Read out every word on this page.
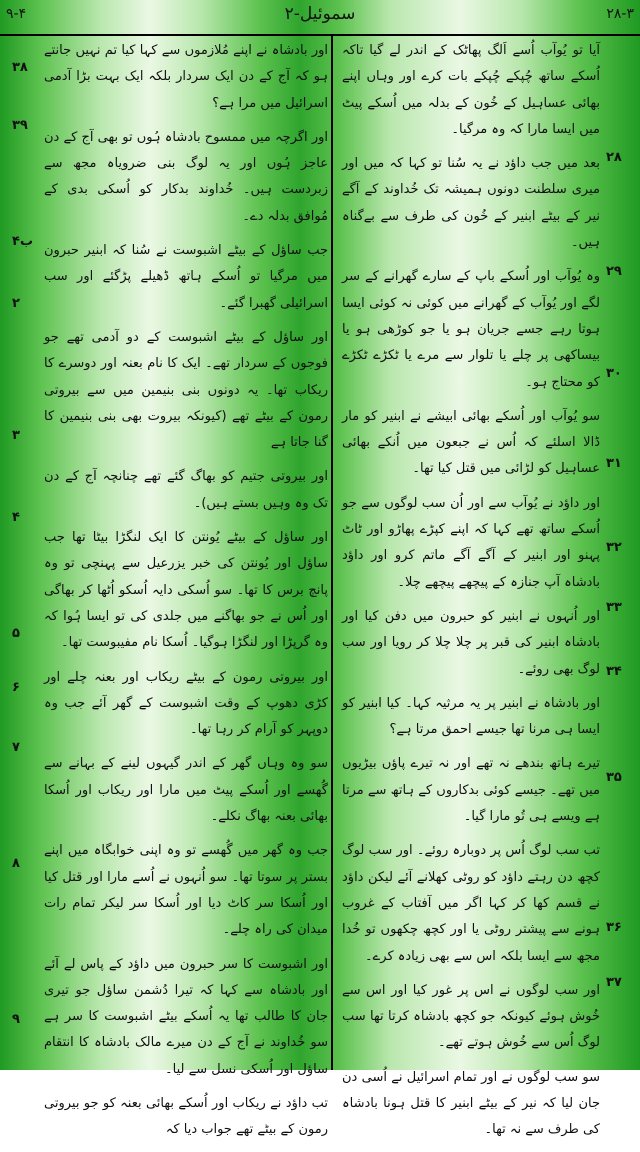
۹-۴	۲-سموئیل	۲۸-۳

آیا تو یُوآب اُسے اَلگ پھاٹک کے اندر لے گیا تاکہ اُسکے ساتھ چُپکے چُپکے بات کرے اور وہاں اپنے بھائی عساہیل کے خُون کے بدلہ میں اُسکے پیٹ میں ایسا مارا کہ وہ مرگیا۔

بعد میں جب داؤد نے یہ سُنا تو کہا کہ میں اور میری سلطنت دونوں ہمیشہ تک خُداوند کے آگے نیر کے بیٹے ابنیر کے خُون کی طرف سے بےگناہ ہیں۔

وہ یُوآب اور اُسکے باپ کے سارے گھرانے کے سر لگے اور یُوآب کے گھرانے میں کوئی نہ کوئی ایسا ہوتا رہے جسے جریان ہو یا جو کوڑھی ہو یا بیساکھی پر چلے یا تلوار سے مرے یا ٹکڑے ٹکڑے کو محتاج ہو۔

سو یُوآب اور اُسکے بھائی ابیشے نے ابنیر کو مار ڈالا اسلئے کہ اُس نے جبعون میں اُنکے بھائی عساہیل کو لڑائی میں قتل کیا تھا۔

اور داؤد نے یُوآب سے اور اُن سب لوگوں سے جو اُسکے ساتھ تھے کہا کہ اپنے کپڑے پھاڑو اور ٹاٹ پہنو اور ابنیر کے آگے آگے ماتم کرو اور داؤد بادشاہ آپ جنازہ کے پیچھے پیچھے چلا۔

اور اُنہوں نے ابنیر کو حبرون میں دفن کیا اور بادشاہ ابنیر کی قبر پر چلا چلا کر رویا اور سب لوگ بھی روئے۔

اور بادشاہ نے ابنیر پر یہ مرثیہ کہا۔ کیا ابنیر کو ایسا ہی مرنا تھا جیسے احمق مرتا ہے؟

تیرے ہاتھ بندھے نہ تھے اور نہ تیرے پاؤں بیڑیوں میں تھے۔ جیسے کوئی بدکاروں کے ہاتھ سے مرتا ہے ویسے ہی تُو مارا گیا۔

تب سب لوگ اُس پر دوبارہ روئے۔ اور سب لوگ کچھ دن رہتے داؤد کو روٹی کھلانے آئے لیکن داؤد نے قسم کھا کر کہا اگر میں آفتاب کے غروب ہونے سے پیشتر روٹی یا اور کچھ چکھوں تو خُدا مجھ سے ایسا بلکہ اس سے بھی زیادہ کرے۔

اور سب لوگوں نے اس پر غور کیا اور اس سے خُوش ہوئے کیونکہ جو کچھ بادشاہ کرتا تھا سب لوگ اُس سے خُوش ہوتے تھے۔

سو سب لوگوں نے اور تمام اسرائیل نے اُسی دن جان لیا کہ نیر کے بیٹے ابنیر کا قتل ہونا بادشاہ کی طرف سے نہ تھا۔

۲۸
۲۹
۳۰
۳۱
۳۲
۳۳
۳۴
۳۵
۳۶
۳۷

اور بادشاہ نے اپنے مُلازموں سے کہا کیا تم نہیں جانتے ہو کہ آج کے دن ایک سردار بلکہ ایک بہت بڑا آدمی اسرائیل میں مرا ہے؟

اور اگرچہ میں ممسوح بادشاہ ہُوں تو بھی آج کے دن عاجز ہُوں اور یہ لوگ بنی ضرویاہ مجھ سے زبردست ہیں۔ خُداوند بدکار کو اُسکی بدی کے مُوافق بدلہ دے۔

جب ساؤل کے بیٹے اشبوست نے سُنا کہ ابنیر حبرون میں مرگیا تو اُسکے ہاتھ ڈھیلے پڑگئے اور سب اسرائیلی گھبرا گئے۔

اور ساؤل کے بیٹے اشبوست کے دو آدمی تھے جو فوجوں کے سردار تھے۔ ایک کا نام بعنہ اور دوسرے کا ریکاب تھا۔ یہ دونوں بنی بنیمین میں سے بیروتی رمون کے بیٹے تھے (کیونکہ بیروت بھی بنی بنیمین کا گنا جاتا ہے

اور بیروتی جتیم کو بھاگ گئے تھے چنانچہ آج کے دن تک وہ وہیں بستے ہیں)۔

اور ساؤل کے بیٹے یُونتن کا ایک لنگڑا بیٹا تھا جب ساؤل اور یُونتن کی خبر یزرعیل سے پہنچی تو وہ پانچ برس کا تھا۔ سو اُسکی دایہ اُسکو اُٹھا کر بھاگی اور اُس نے جو بھاگنے میں جلدی کی تو ایسا ہُوا کہ وہ گرپڑا اور لنگڑا ہوگیا۔ اُسکا نام مفیبوست تھا۔

اور بیروتی رمون کے بیٹے ریکاب اور بعنہ چلے اور کڑی دھوپ کے وقت اشبوست کے گھر آئے جب وہ دوپہر کو آرام کر رہا تھا۔

سو وہ وہاں گھر کے اندر گیہوں لینے کے بہانے سے گُھسے اور اُسکے پیٹ میں مارا اور ریکاب اور اُسکا بھائی بعنہ بھاگ نکلے۔

جب وہ گھر میں گُھسے تو وہ اپنی خوابگاہ میں اپنے بستر پر سوتا تھا۔ سو اُنہوں نے اُسے مارا اور قتل کیا اور اُسکا سر کاٹ دیا اور اُسکا سر لیکر تمام رات میدان کی راہ چلے۔

اور اشبوست کا سر حبرون میں داؤد کے پاس لے آئے اور بادشاہ سے کہا کہ تیرا دُشمن ساؤل جو تیری جان کا طالب تھا یہ اُسکے بیٹے اشبوست کا سر ہے سو خُداوند نے آج کے دن میرے مالک بادشاہ کا انتقام ساؤل اور اُسکی نسل سے لیا۔

تب داؤد نے ریکاب اور اُسکے بھائی بعنہ کو جو بیروتی رمون کے بیٹے تھے جواب دیا کہ

۳۸
۳۹
ب۴
۲
۳
۴
۵
۶
۷
۸
۹
